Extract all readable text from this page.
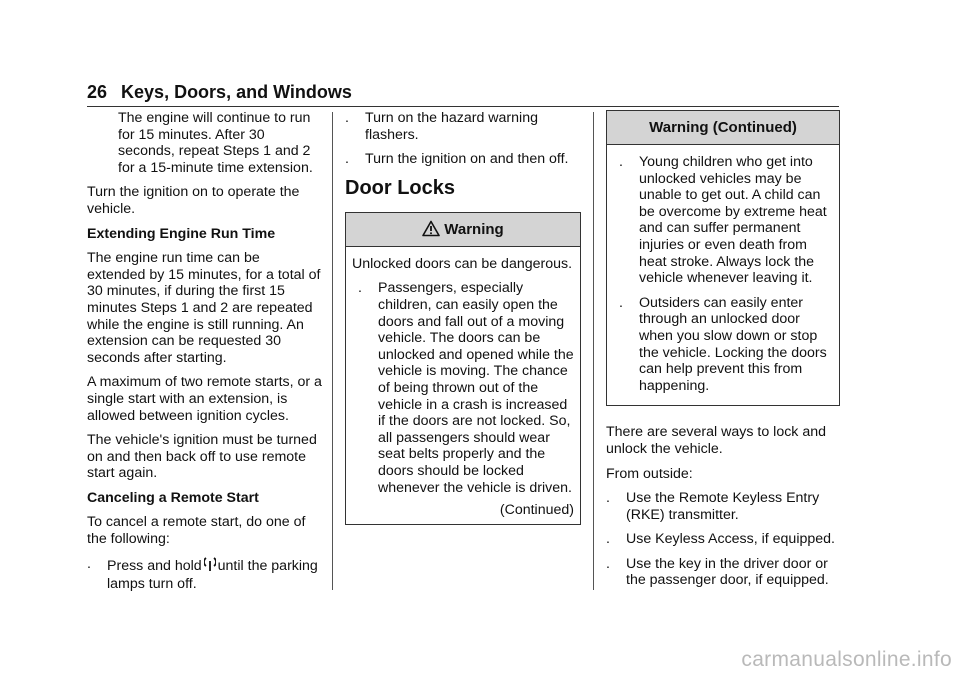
26 Keys, Doors, and Windows

The engine will continue to run for 15 minutes. After 30 seconds, repeat Steps 1 and 2 for a 15-minute time extension.

Turn the ignition on to operate the vehicle.

Extending Engine Run Time

The engine run time can be extended by 15 minutes, for a total of 30 minutes, if during the first 15 minutes Steps 1 and 2 are repeated while the engine is still running. An extension can be requested 30 seconds after starting.

A maximum of two remote starts, or a single start with an extension, is allowed between ignition cycles.

The vehicle's ignition must be turned on and then back off to use remote start again.

Canceling a Remote Start

To cancel a remote start, do one of the following:

.	Press and hold until the parking lamps turn off.
.	Turn on the hazard warning flashers.
.	Turn the ignition on and then off.
Door Locks
Warning

Unlocked doors can be dangerous.

.	Passengers, especially children, can easily open the doors and fall out of a moving vehicle. The doors can be unlocked and opened while the vehicle is moving. The chance of being thrown out of the vehicle in a crash is increased if the doors are not locked. So, all passengers should wear seat belts properly and the doors should be locked whenever the vehicle is driven.

(Continued)

Warning (Continued)
.	Young children who get into unlocked vehicles may be unable to get out. A child can be overcome by extreme heat and can suffer permanent injuries or even death from heat stroke. Always lock the vehicle whenever leaving it.
.	Outsiders can easily enter through an unlocked door when you slow down or stop the vehicle. Locking the doors can help prevent this from happening.

There are several ways to lock and unlock the vehicle.

From outside:

.	Use the Remote Keyless Entry (RKE) transmitter.
.	Use Keyless Access, if equipped.
.	Use the key in the driver door or the passenger door, if equipped.
carmanualsonline.info
